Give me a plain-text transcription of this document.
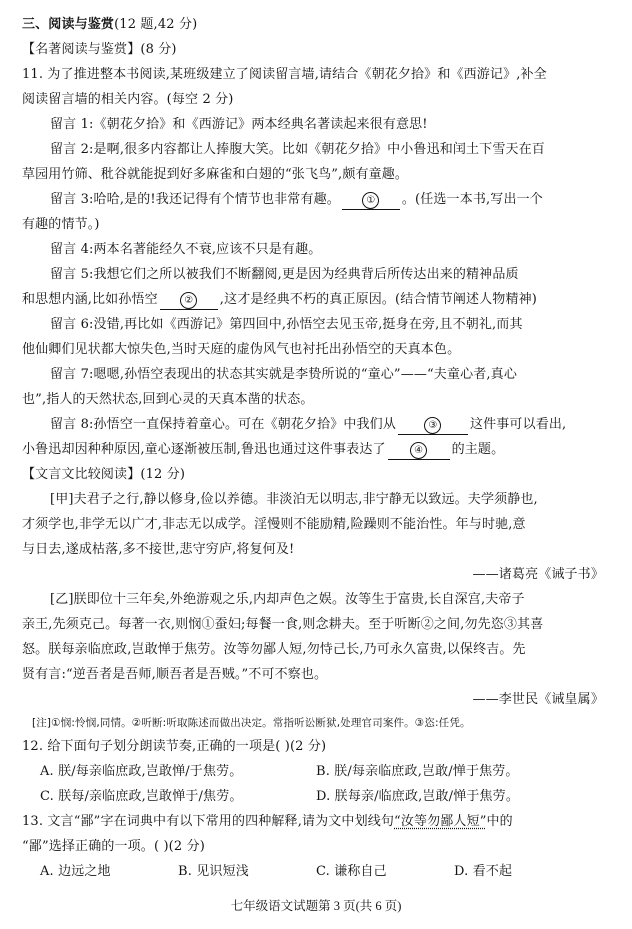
三、阅读与鉴赏(12 题,42 分)
【名著阅读与鉴赏】(8 分)
11. 为了推进整本书阅读,某班级建立了阅读留言墙,请结合《朝花夕拾》和《西游记》,补全
阅读留言墙的相关内容。(每空 2 分)
留言 1:《朝花夕拾》和《西游记》两本经典名著读起来很有意思!
留言 2:是啊,很多内容都让人捧腹大笑。比如《朝花夕拾》中小鲁迅和闰土下雪天在百
草园用竹筛、秕谷就能捉到好多麻雀和白翅的“张飞鸟”,颇有童趣。
留言 3:哈哈,是的!我还记得有个情节也非常有趣。	① 。(任选一本书,写出一个
有趣的情节。)
留言 4:两本名著能经久不衰,应该不只是有趣。
留言 5:我想它们之所以被我们不断翻阅,更是因为经典背后所传达出来的精神品质
和思想内涵,比如孙悟空	② ,这才是经典不朽的真正原因。(结合情节阐述人物精神)
留言 6:没错,再比如《西游记》第四回中,孙悟空去见玉帝,挺身在旁,且不朝礼,而其
他仙卿们见状都大惊失色,当时天庭的虚伪风气也衬托出孙悟空的天真本色。
留言 7:嗯嗯,孙悟空表现出的状态其实就是李贽所说的“童心”——“夫童心者,真心
也”,指人的天然状态,回到心灵的天真本凿的状态。
留言 8:孙悟空一直保持着童心。可在《朝花夕拾》中我们从	③ 这件事可以看出,
小鲁迅却因种种原因,童心逐渐被压制,鲁迅也通过这件事表达了	④ 的主题。
【文言文比较阅读】(12 分)
[甲]夫君子之行,静以修身,俭以养德。非淡泊无以明志,非宁静无以致远。夫学须静也,
才须学也,非学无以广才,非志无以成学。淫慢则不能励精,险躁则不能治性。年与时驰,意
与日去,遂成枯落,多不接世,悲守穷庐,将复何及!
——诸葛亮《诫子书》
[乙]朕即位十三年矣,外绝游观之乐,内却声色之娱。汝等生于富贵,长自深宫,夫帝子
亲王,先须克己。每著一衣,则悯①蚕妇;每餐一食,则念耕夫。至于听断②之间,勿先恣③其喜
怒。朕每亲临庶政,岂敢惮于焦劳。汝等勿鄙人短,勿恃己长,乃可永久富贵,以保终吉。先
贤有言:“逆吾者是吾师,顺吾者是吾贼。”不可不察也。
——李世民《诫皇属》
[注]①悯:怜悯,同情。②听断:听取陈述而做出决定。常指听讼断狱,处理官司案件。③恣:任凭。
12. 给下面句子划分朗读节奏,正确的一项是( )(2 分)
A. 朕/每亲临庶政,岂敢惮/于焦劳。	B. 朕/每亲临庶政,岂敢/惮于焦劳。
C. 朕每/亲临庶政,岂敢惮于/焦劳。	D. 朕每亲/临庶政,岂敢/惮于焦劳。
13. 文言“鄙”字在词典中有以下常用的四种解释,请为文中划线句“汝等勿鄙人短”中的
“鄙”选择正确的一项。( )(2 分)
A. 边远之地	B. 见识短浅	C. 谦称自己	D. 看不起
七年级语文试题第 3 页(共 6 页)
